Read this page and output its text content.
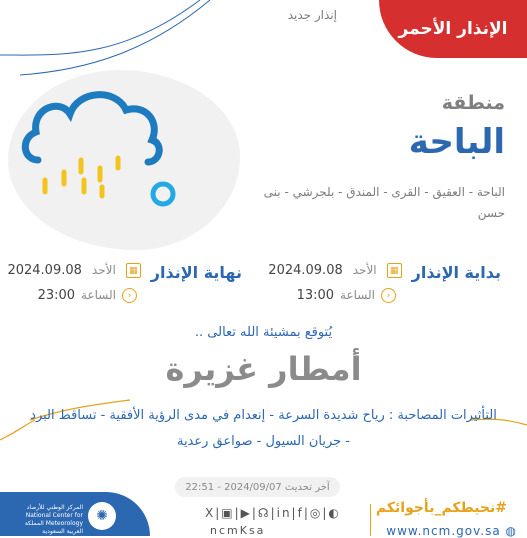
الإنذار الأحمر
إنذار جديد
منطقة
الباحة
الباحة - العقيق - القرى - المندق - بلجرشي - بنى حسن
بداية الإنذار
▦
الأحد
2024.09.08
‹
الساعة
13:00
نهاية الإنذار
▦
الأحد
2024.09.08
‹
الساعة
23:00
يُتوقع بمشيئة الله تعالى ..
أمطار غزيرة
التأثيرات المصاحبة : رياح شديدة السرعة - إنعدام في مدى الرؤية الأفقية - تساقط البرد - جريان السيول - صواعق رعدية
آخر تحديث 2024/09/07 - 22:51
المركز الوطني للأرصاد National Center for Meteorology المملكة العربية السعودية
✺	X|▣|▶|☊|in|f|◎|◐
ncmKsa
#نحيطكم_بأجوائكم
www.ncm.gov.sa ◍
